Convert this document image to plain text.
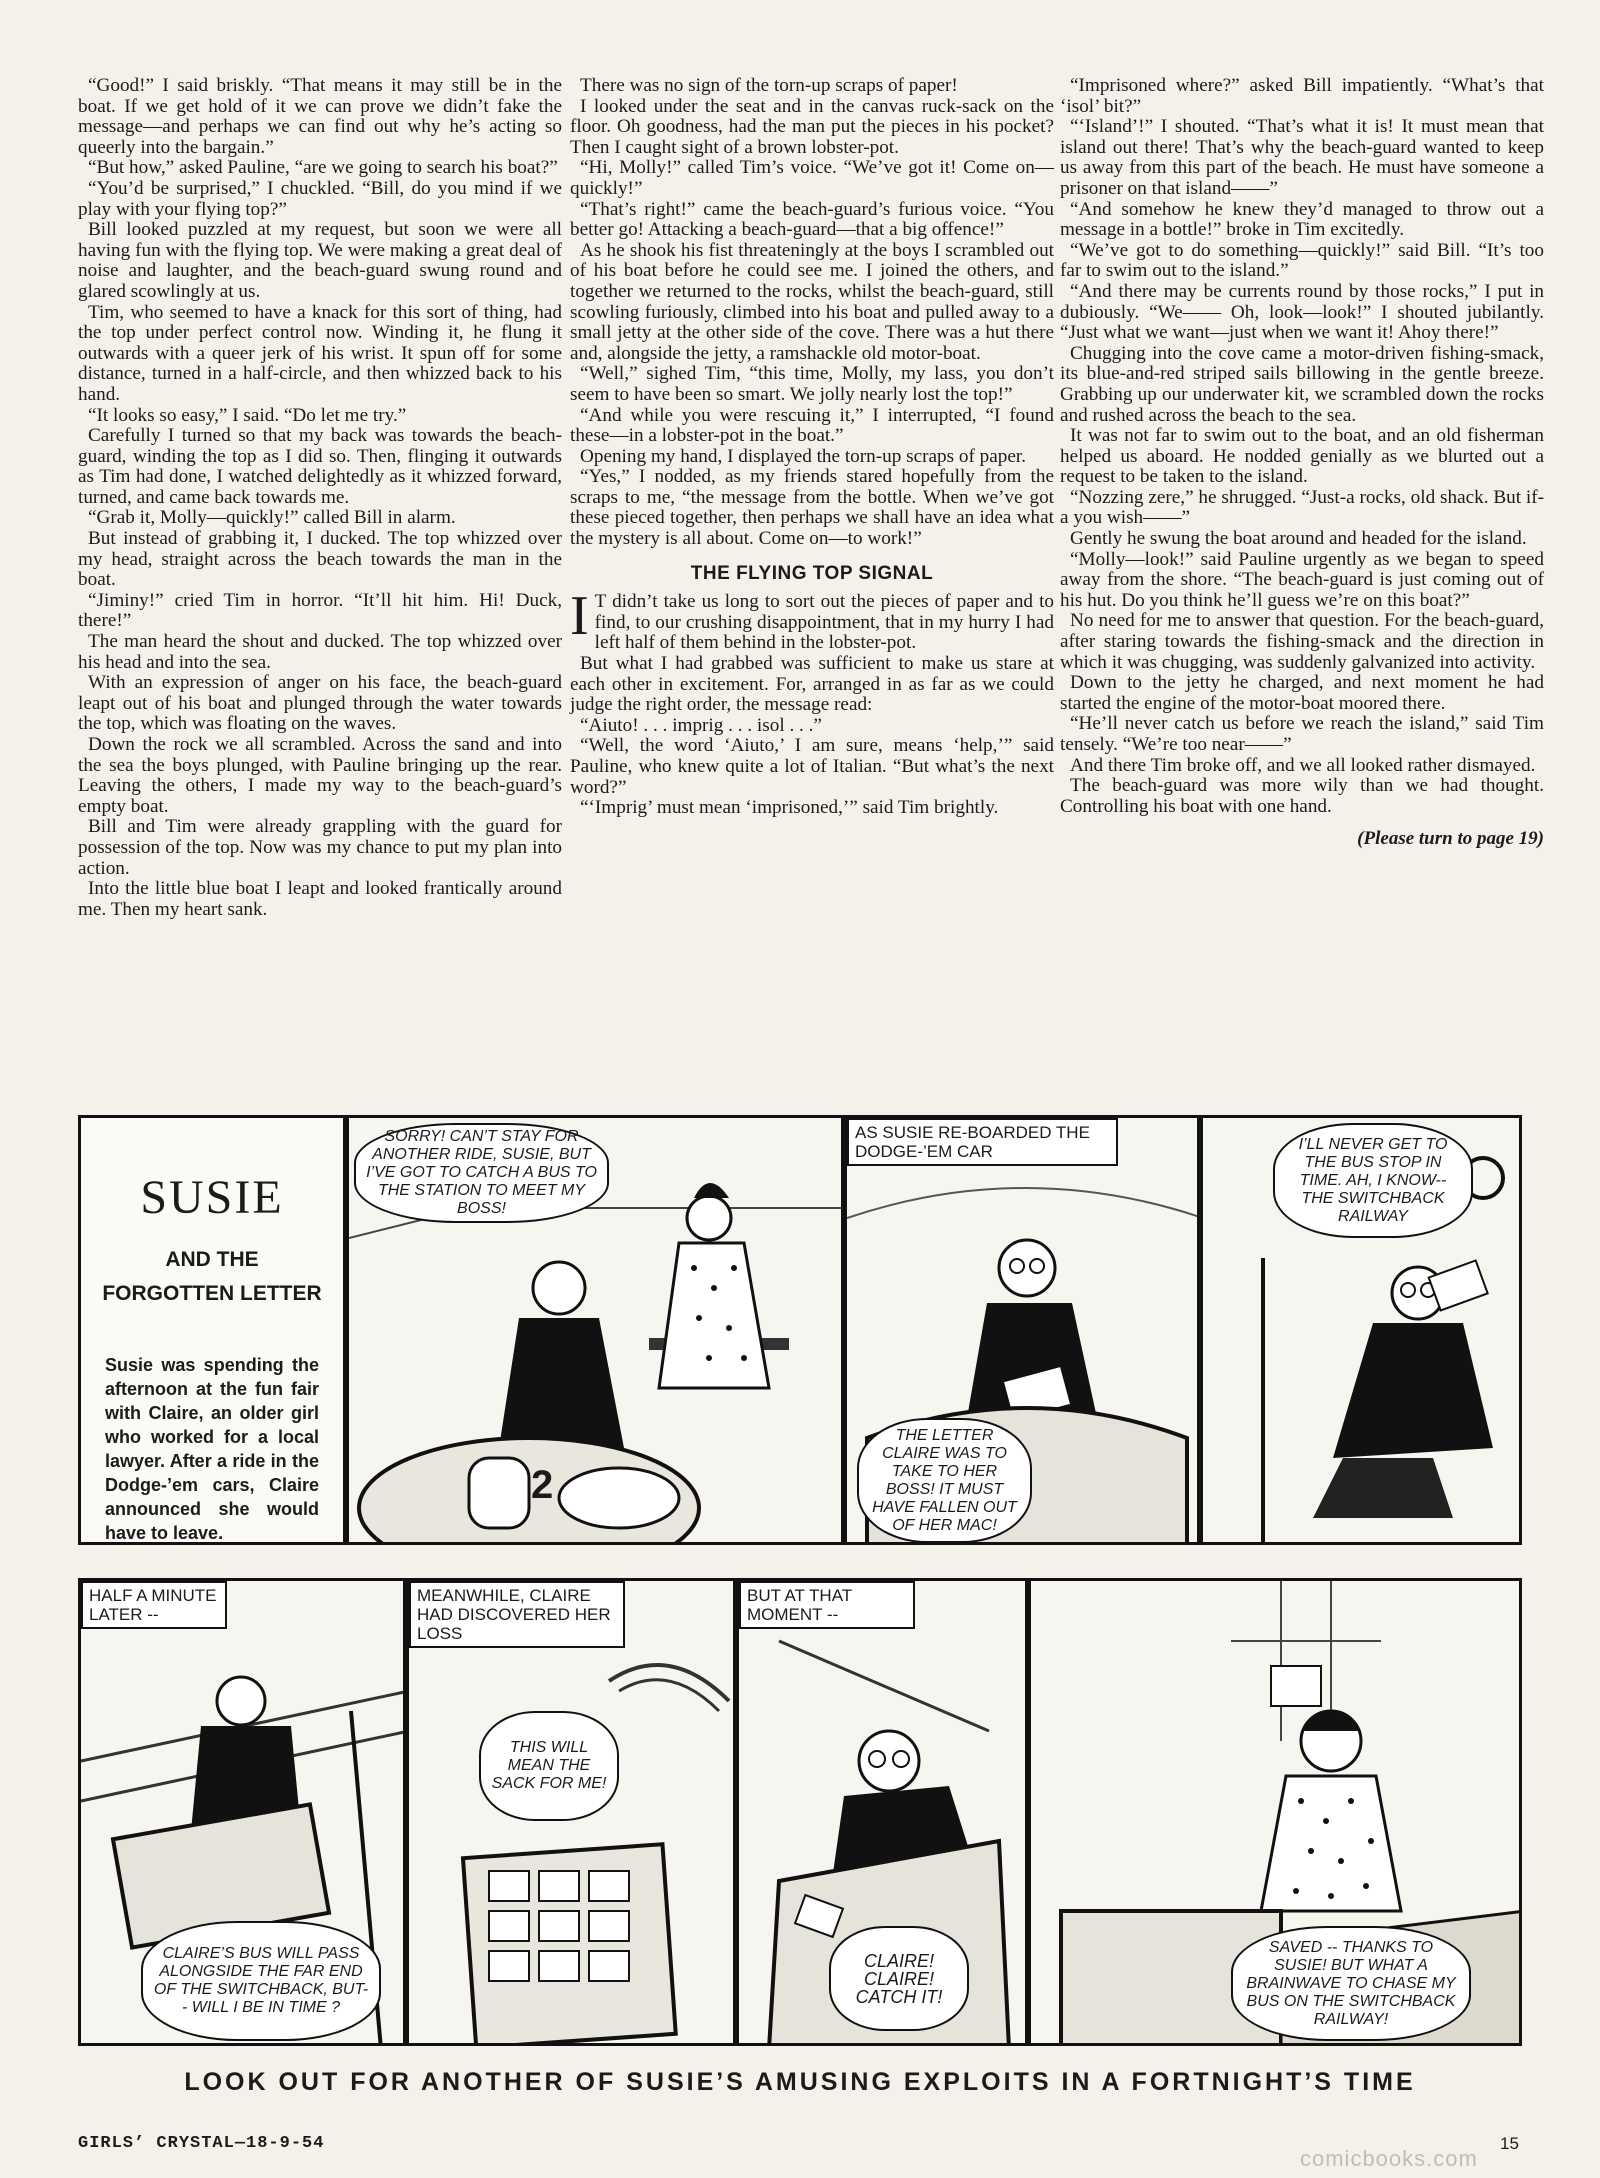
“Good!” I said briskly. “That means it may still be in the boat. If we get hold of it we can prove we didn’t fake the message—and perhaps we can find out why he’s acting so queerly into the bargain.”

“But how,” asked Pauline, “are we going to search his boat?”

“You’d be surprised,” I chuckled. “Bill, do you mind if we play with your flying top?”

Bill looked puzzled at my request, but soon we were all having fun with the flying top. We were making a great deal of noise and laughter, and the beach-guard swung round and glared scowlingly at us.

Tim, who seemed to have a knack for this sort of thing, had the top under perfect control now. Winding it, he flung it outwards with a queer jerk of his wrist. It spun off for some distance, turned in a half-circle, and then whizzed back to his hand.

“It looks so easy,” I said. “Do let me try.”

Carefully I turned so that my back was towards the beach-guard, winding the top as I did so. Then, flinging it outwards as Tim had done, I watched delightedly as it whizzed forward, turned, and came back towards me.

“Grab it, Molly—quickly!” called Bill in alarm.

But instead of grabbing it, I ducked. The top whizzed over my head, straight across the beach towards the man in the boat.

“Jiminy!” cried Tim in horror. “It’ll hit him. Hi! Duck, there!”

The man heard the shout and ducked. The top whizzed over his head and into the sea.

With an expression of anger on his face, the beach-guard leapt out of his boat and plunged through the water towards the top, which was floating on the waves.

Down the rock we all scrambled. Across the sand and into the sea the boys plunged, with Pauline bringing up the rear. Leaving the others, I made my way to the beach-guard’s empty boat.

Bill and Tim were already grappling with the guard for possession of the top. Now was my chance to put my plan into action.

Into the little blue boat I leapt and looked frantically around me. Then my heart sank.

There was no sign of the torn-up scraps of paper!

I looked under the seat and in the canvas ruck-sack on the floor. Oh goodness, had the man put the pieces in his pocket? Then I caught sight of a brown lobster-pot.

“Hi, Molly!” called Tim’s voice. “We’ve got it! Come on—quickly!”

“That’s right!” came the beach-guard’s furious voice. “You better go! Attacking a beach-guard—that a big offence!”

As he shook his fist threateningly at the boys I scrambled out of his boat before he could see me. I joined the others, and together we returned to the rocks, whilst the beach-guard, still scowling furiously, climbed into his boat and pulled away to a small jetty at the other side of the cove. There was a hut there and, alongside the jetty, a ramshackle old motor-boat.

“Well,” sighed Tim, “this time, Molly, my lass, you don’t seem to have been so smart. We jolly nearly lost the top!”

“And while you were rescuing it,” I interrupted, “I found these—in a lobster-pot in the boat.”

Opening my hand, I displayed the torn-up scraps of paper.

“Yes,” I nodded, as my friends stared hopefully from the scraps to me, “the message from the bottle. When we’ve got these pieced together, then perhaps we shall have an idea what the mystery is all about. Come on—to work!”

THE FLYING TOP SIGNAL

I T didn’t take us long to sort out the pieces of paper and to find, to our crushing disappointment, that in my hurry I had left half of them behind in the lobster-pot.

But what I had grabbed was sufficient to make us stare at each other in excitement. For, arranged in as far as we could judge the right order, the message read:

“Aiuto! . . . imprig . . . isol . . .”

“Well, the word ‘Aiuto,’ I am sure, means ‘help,’” said Pauline, who knew quite a lot of Italian. “But what’s the next word?”

“‘Imprig’ must mean ‘imprisoned,’” said Tim brightly.

“Imprisoned where?” asked Bill impatiently. “What’s that ‘isol’ bit?”

“‘Island’!” I shouted. “That’s what it is! It must mean that island out there! That’s why the beach-guard wanted to keep us away from this part of the beach. He must have someone a prisoner on that island——”

“And somehow he knew they’d managed to throw out a message in a bottle!” broke in Tim excitedly.

“We’ve got to do something—quickly!” said Bill. “It’s too far to swim out to the island.”

“And there may be currents round by those rocks,” I put in dubiously. “We—— Oh, look—look!” I shouted jubilantly. “Just what we want—just when we want it! Ahoy there!”

Chugging into the cove came a motor-driven fishing-smack, its blue-and-red striped sails billowing in the gentle breeze. Grabbing up our underwater kit, we scrambled down the rocks and rushed across the beach to the sea.

It was not far to swim out to the boat, and an old fisherman helped us aboard. He nodded genially as we blurted out a request to be taken to the island.

“Nozzing zere,” he shrugged. “Just-a rocks, old shack. But if-a you wish——”

Gently he swung the boat around and headed for the island.

“Molly—look!” said Pauline urgently as we began to speed away from the shore. “The beach-guard is just coming out of his hut. Do you think he’ll guess we’re on this boat?”

No need for me to answer that question. For the beach-guard, after staring towards the fishing-smack and the direction in which it was chugging, was suddenly galvanized into activity.

Down to the jetty he charged, and next moment he had started the engine of the motor-boat moored there.

“He’ll never catch us before we reach the island,” said Tim tensely. “We’re too near——”

And there Tim broke off, and we all looked rather dismayed.

The beach-guard was more wily than we had thought. Controlling his boat with one hand.

(Please turn to page 19)
SUSIE
AND THE
FORGOTTEN LETTER
Susie was spending the afternoon at the fun fair with Claire, an older girl who worked for a local lawyer. After a ride in the Dodge-’em cars, Claire announced she would have to leave.
SORRY! CAN’T STAY FOR ANOTHER RIDE, SUSIE, BUT I’VE GOT TO CATCH A BUS TO THE STATION TO MEET MY BOSS!
2
AS SUSIE RE-BOARDED THE DODGE-’EM CAR
THE LETTER CLAIRE WAS TO TAKE TO HER BOSS! IT MUST HAVE FALLEN OUT OF HER MAC!
I’LL NEVER GET TO THE BUS STOP IN TIME. AH, I KNOW-- THE SWITCHBACK RAILWAY
HALF A MINUTE LATER --
CLAIRE’S BUS WILL PASS ALONGSIDE THE FAR END OF THE SWITCHBACK, BUT-- WILL I BE IN TIME ?
MEANWHILE, CLAIRE HAD DISCOVERED HER LOSS
THIS WILL MEAN THE SACK FOR ME!
BUT AT THAT MOMENT --
CLAIRE! CLAIRE! CATCH IT!
SAVED -- THANKS TO SUSIE! BUT WHAT A BRAINWAVE TO CHASE MY BUS ON THE SWITCHBACK RAILWAY!
LOOK OUT FOR ANOTHER OF SUSIE’S AMUSING EXPLOITS IN A FORTNIGHT’S TIME
GIRLS’ CRYSTAL—18-9-54	15
comicbooks.com
